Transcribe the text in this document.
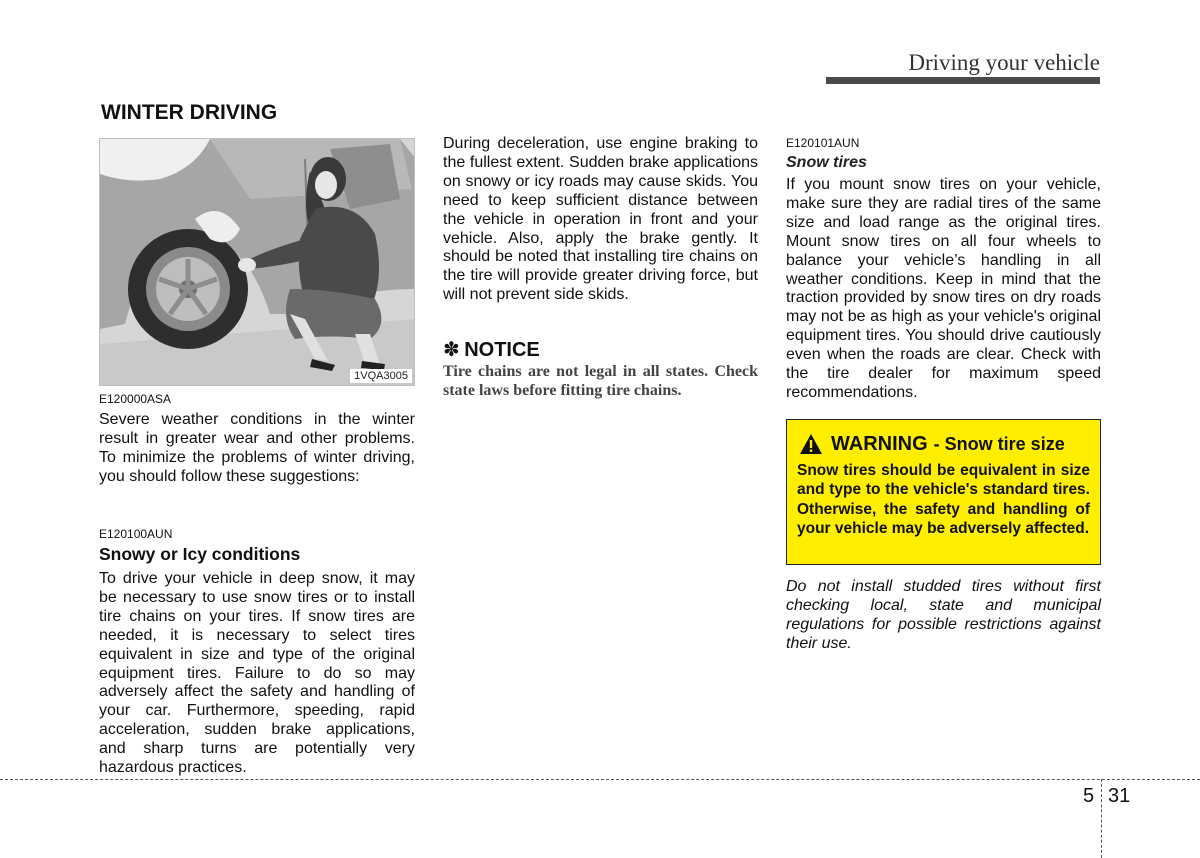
Driving your vehicle
WINTER DRIVING
1VQA3005
E120000ASA
Severe weather conditions in the winter result in greater wear and other problems. To minimize the problems of winter driving, you should follow these suggestions:
E120100AUN
Snowy or Icy conditions
To drive your vehicle in deep snow, it may be necessary to use snow tires or to install tire chains on your tires. If snow tires are needed, it is necessary to select tires equivalent in size and type of the original equipment tires. Failure to do so may adversely affect the safety and handling of your car. Furthermore, speeding, rapid acceleration, sudden brake applications, and sharp turns are potentially very hazardous practices.
During deceleration, use engine braking to the fullest extent. Sudden brake applications on snowy or icy roads may cause skids. You need to keep sufficient distance between the vehicle in operation in front and your vehicle. Also, apply the brake gently. It should be noted that installing tire chains on the tire will provide greater driving force, but will not prevent side skids.
✽ NOTICE
Tire chains are not legal in all states. Check state laws before fitting tire chains.
E120101AUN
Snow tires
If you mount snow tires on your vehicle, make sure they are radial tires of the same size and load range as the original tires. Mount snow tires on all four wheels to balance your vehicle’s handling in all weather conditions. Keep in mind that the traction provided by snow tires on dry roads may not be as high as your vehicle's original equipment tires. You should drive cautiously even when the roads are clear. Check with the tire dealer for maximum speed recommendations.
WARNING - Snow tire size
Snow tires should be equivalent in size and type to the vehicle's standard tires. Otherwise, the safety and handling of your vehicle may be adversely affected.
Do not install studded tires without first checking local, state and municipal regulations for possible restrictions against their use.
5 31
